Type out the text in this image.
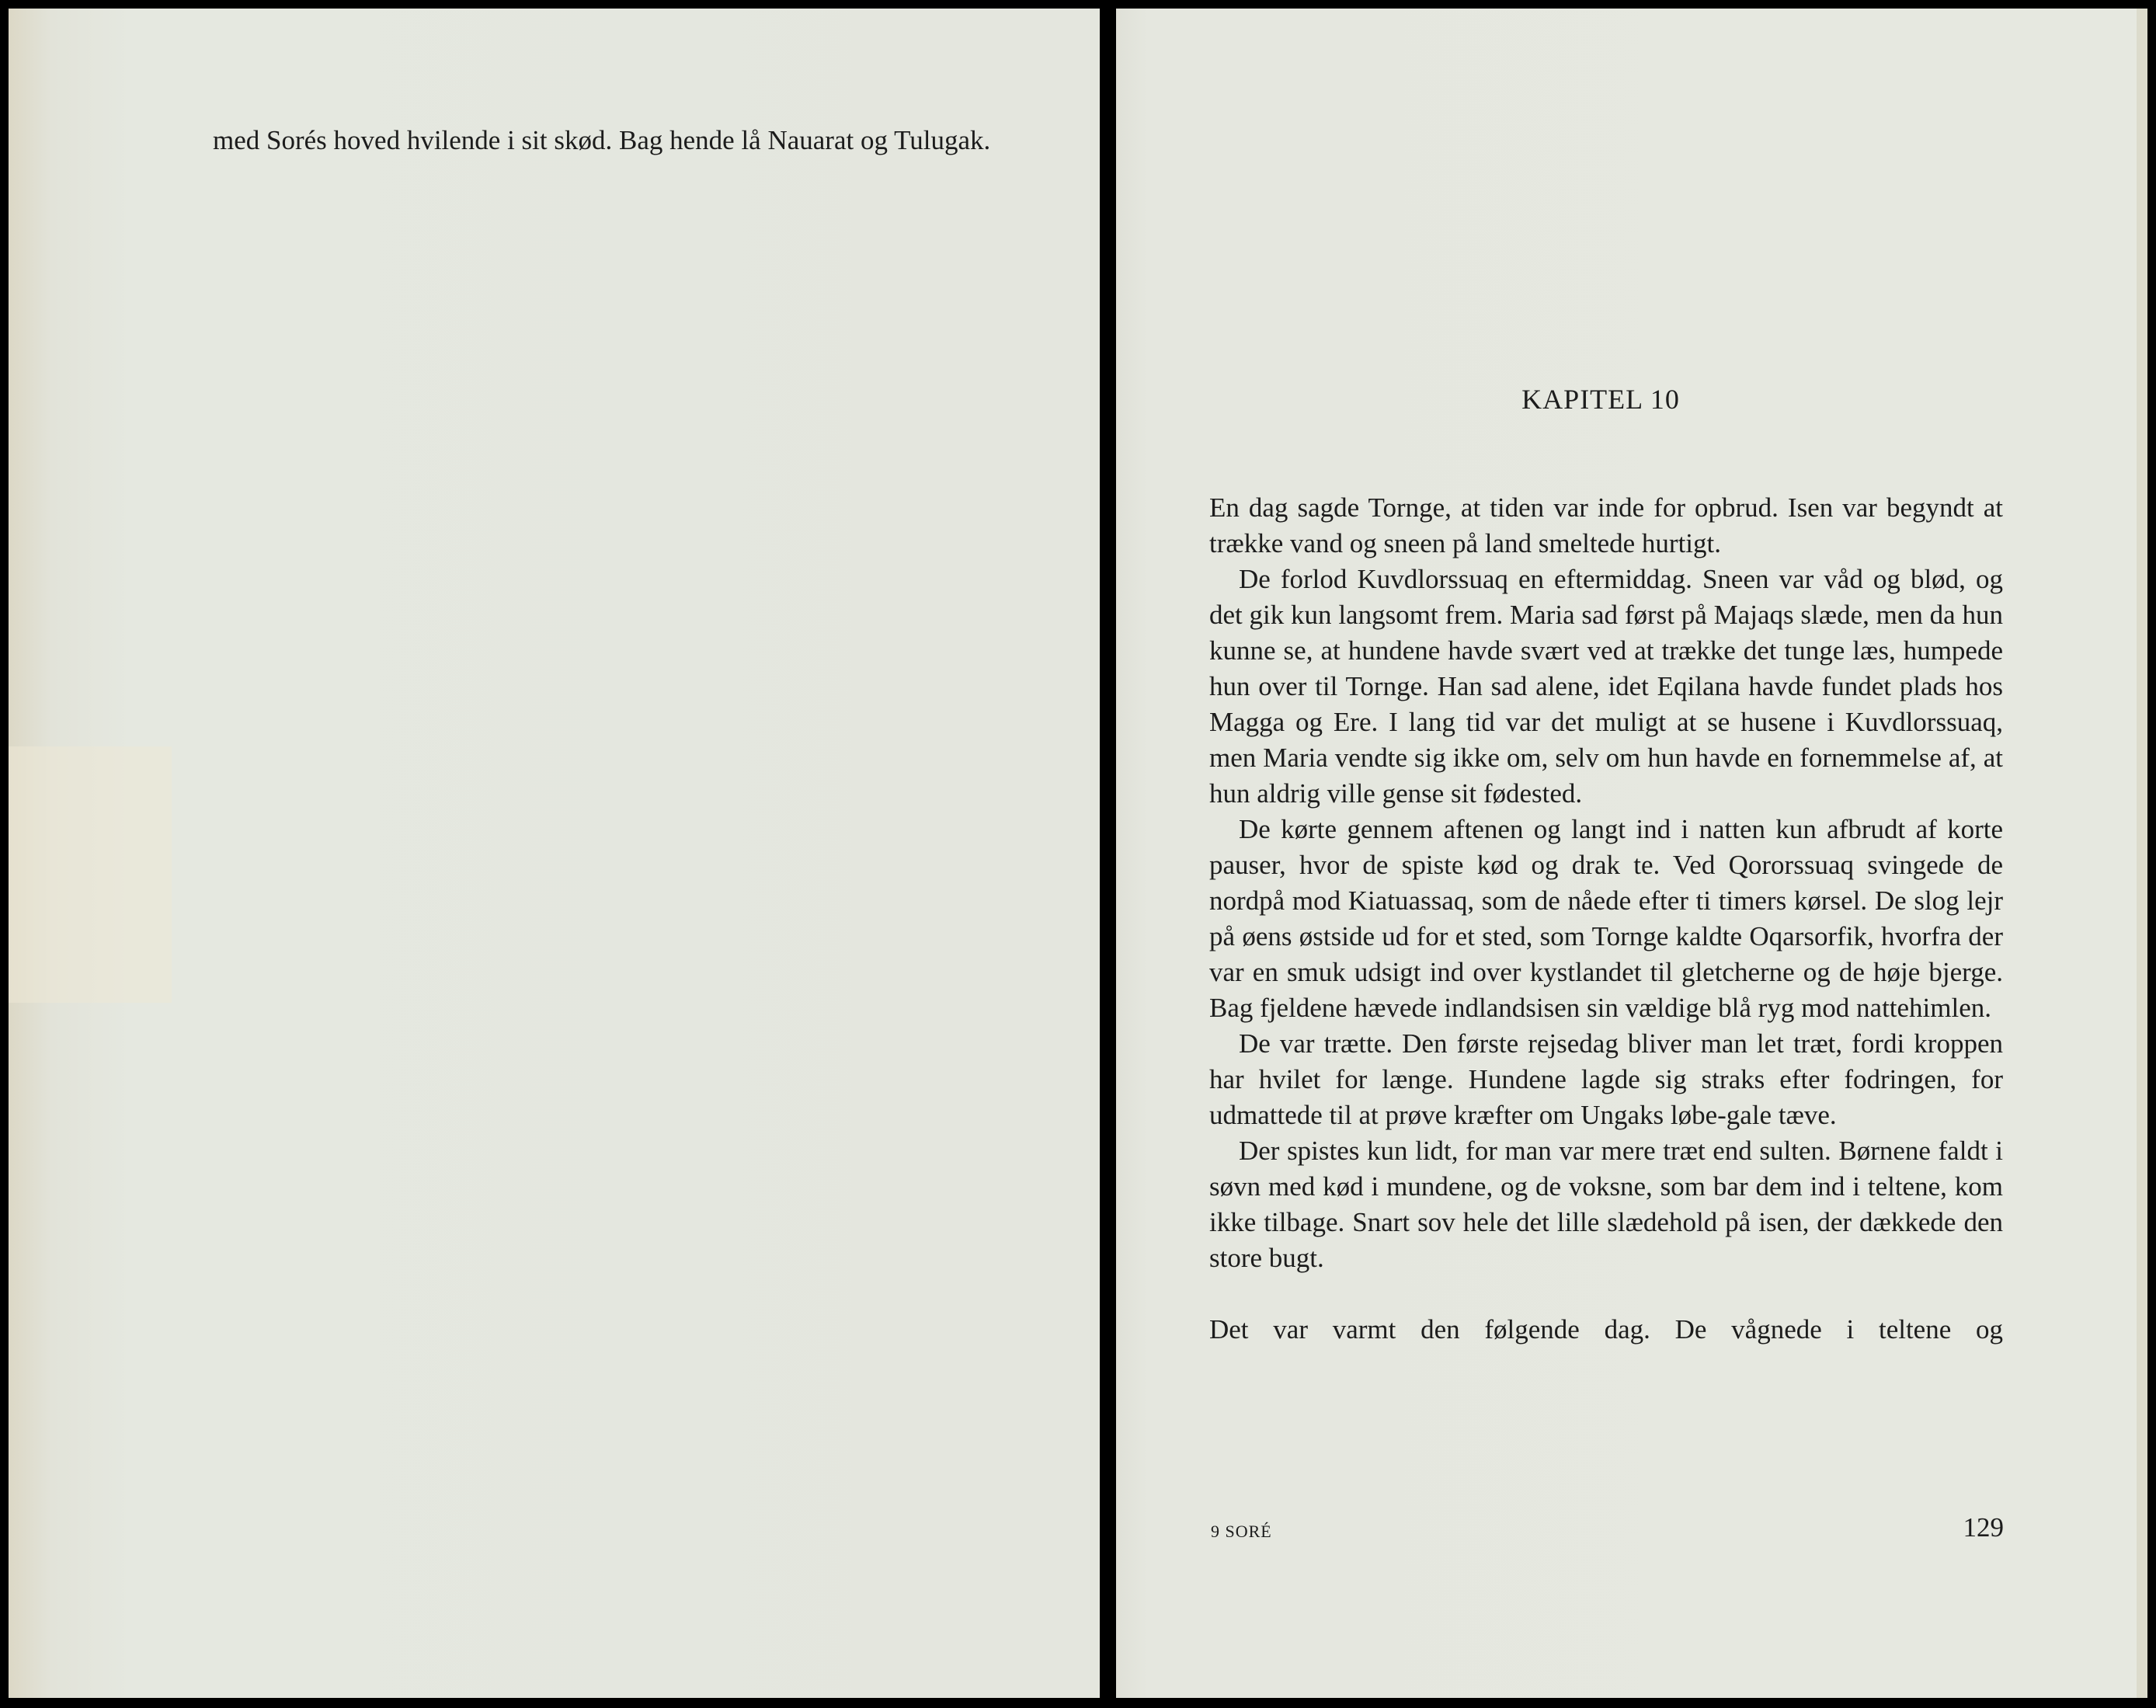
med Sorés hoved hvilende i sit skød. Bag hende lå Nauarat og Tulugak.

KAPITEL 10

En dag sagde Tornge, at tiden var inde for opbrud. Isen var begyndt at trække vand og sneen på land smeltede hurtigt.

De forlod Kuvdlorssuaq en eftermiddag. Sneen var våd og blød, og det gik kun langsomt frem. Maria sad først på Majaqs slæde, men da hun kunne se, at hundene havde svært ved at trække det tunge læs, humpede hun over til Tornge. Han sad alene, idet Eqilana havde fundet plads hos Magga og Ere. I lang tid var det muligt at se husene i Kuvdlorssuaq, men Maria vendte sig ikke om, selv om hun havde en fornemmelse af, at hun aldrig ville gense sit fødested.

De kørte gennem aftenen og langt ind i natten kun afbrudt af korte pauser, hvor de spiste kød og drak te. Ved Qororssuaq svingede de nordpå mod Kiatuassaq, som de nåede efter ti timers kørsel. De slog lejr på øens østside ud for et sted, som Tornge kaldte Oqarsorfik, hvorfra der var en smuk udsigt ind over kystlandet til gletcherne og de høje bjerge. Bag fjeldene hævede indlandsisen sin vældige blå ryg mod nattehimlen.

De var trætte. Den første rejsedag bliver man let træt, fordi kroppen har hvilet for længe. Hundene lagde sig straks efter fodringen, for udmattede til at prøve kræfter om Ungaks løbe-gale tæve.

Der spistes kun lidt, for man var mere træt end sulten. Børnene faldt i søvn med kød i mundene, og de voksne, som bar dem ind i teltene, kom ikke tilbage. Snart sov hele det lille slædehold på isen, der dækkede den store bugt.

Det var varmt den følgende dag. De vågnede i teltene og

9 SORÉ	129
